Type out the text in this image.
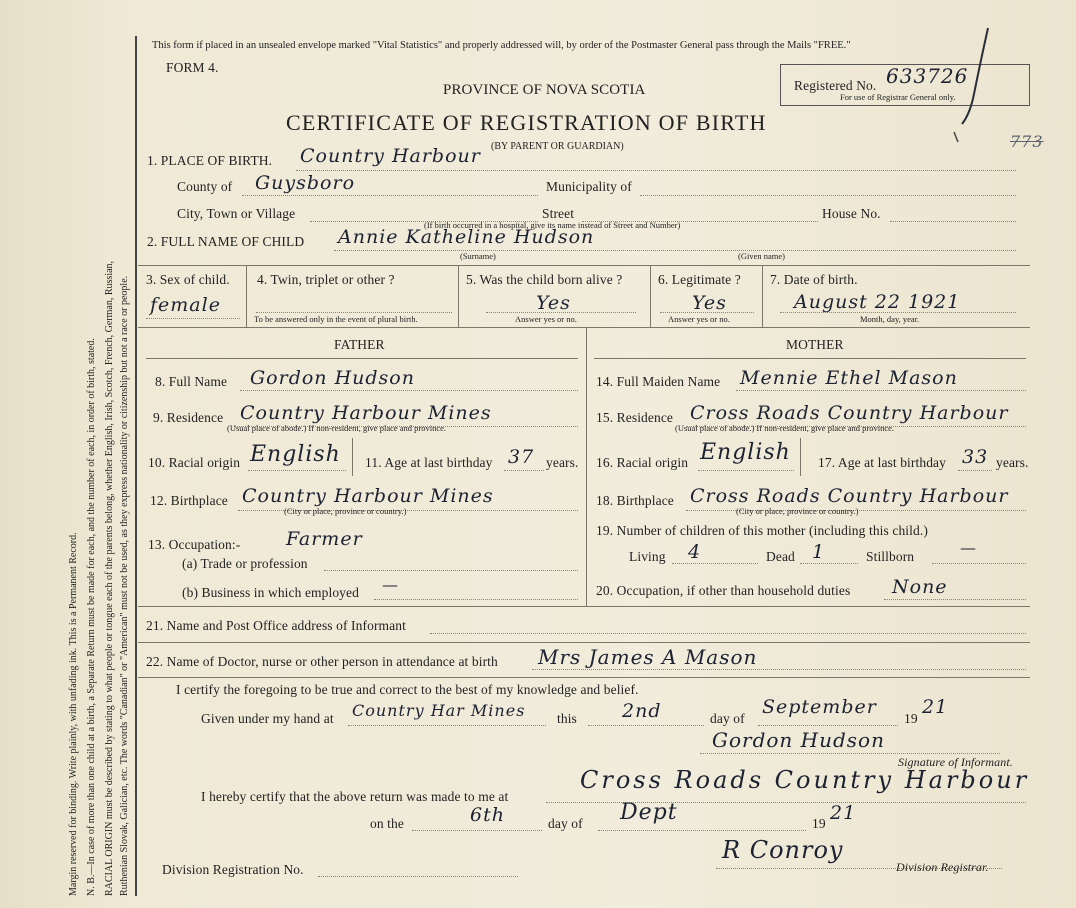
Margin reserved for binding. Write plainly, with unfading ink. This is a Permanent Record. N. B.—In case of more than one child at a birth, a Separate Return must be made for each, and the number of each, in order of birth, stated. RACIAL ORIGIN must be described by stating to what people or tongue each of the parents belong, whether English, Irish, Scotch, French, German, Russian, Ruthenian Slovak, Galician, etc. The words "Canadian" or "American" must not be used, as they express nationality or citizenship but not a race or people.
This form if placed in an unsealed envelope marked "Vital Statistics" and properly addressed will, by order of the Postmaster General pass through the Mails "FREE."
FORM 4.
PROVINCE OF NOVA SCOTIA
CERTIFICATE OF REGISTRATION OF BIRTH
(BY PARENT OR GUARDIAN)
Registered No. 633726
For use of Registrar General only.
773
1. PLACE OF BIRTH. Country Harbour
County of Guysboro	Municipality of
City, Town or Village	Street	House No.
(If birth occurred in a hospital, give its name instead of Street and Number)
2. FULL NAME OF CHILD Annie Katheline Hudson
(Surname)	(Given name)
3. Sex of child.
female
4. Twin, triplet or other ?
To be answered only in the event of plural birth.
5. Was the child born alive ?
Yes
Answer yes or no.
6. Legitimate ?
Yes
Answer yes or no.
7. Date of birth.
August 22 1921
Month, day, year.
FATHER	MOTHER
8. Full Name Gordon Hudson
9. Residence Country Harbour Mines
(Usual place of abode.) If non-resident, give place and province.
10. Racial origin English 11. Age at last birthday 37 years.
12. Birthplace Country Harbour Mines
(City or place, province or country.)
13. Occupation:- Farmer
(a) Trade or profession
(b) Business in which employed —
14. Full Maiden Name Mennie Ethel Mason
15. Residence Cross Roads Country Harbour
(Usual place of abode.) If non-resident, give place and province.
16. Racial origin English 17. Age at last birthday 33 years.
18. Birthplace Cross Roads Country Harbour
(City or place, province or country.)
19. Number of children of this mother (including this child.)
Living 4	Dead 1	Stillborn	—
20. Occupation, if other than household duties None
21. Name and Post Office address of Informant
22. Name of Doctor, nurse or other person in attendance at birth Mrs James A Mason
I certify the foregoing to be true and correct to the best of my knowledge and belief.
Given under my hand at Country Har Mines this 2nd	day of
September
19
21
Gordon Hudson
Signature of Informant.
I hereby certify that the above return was made to me at
Cross Roads Country Harbour
on the	6th	day of Dept	19 21
R Conroy
Division Registrar.
Division Registration No.
